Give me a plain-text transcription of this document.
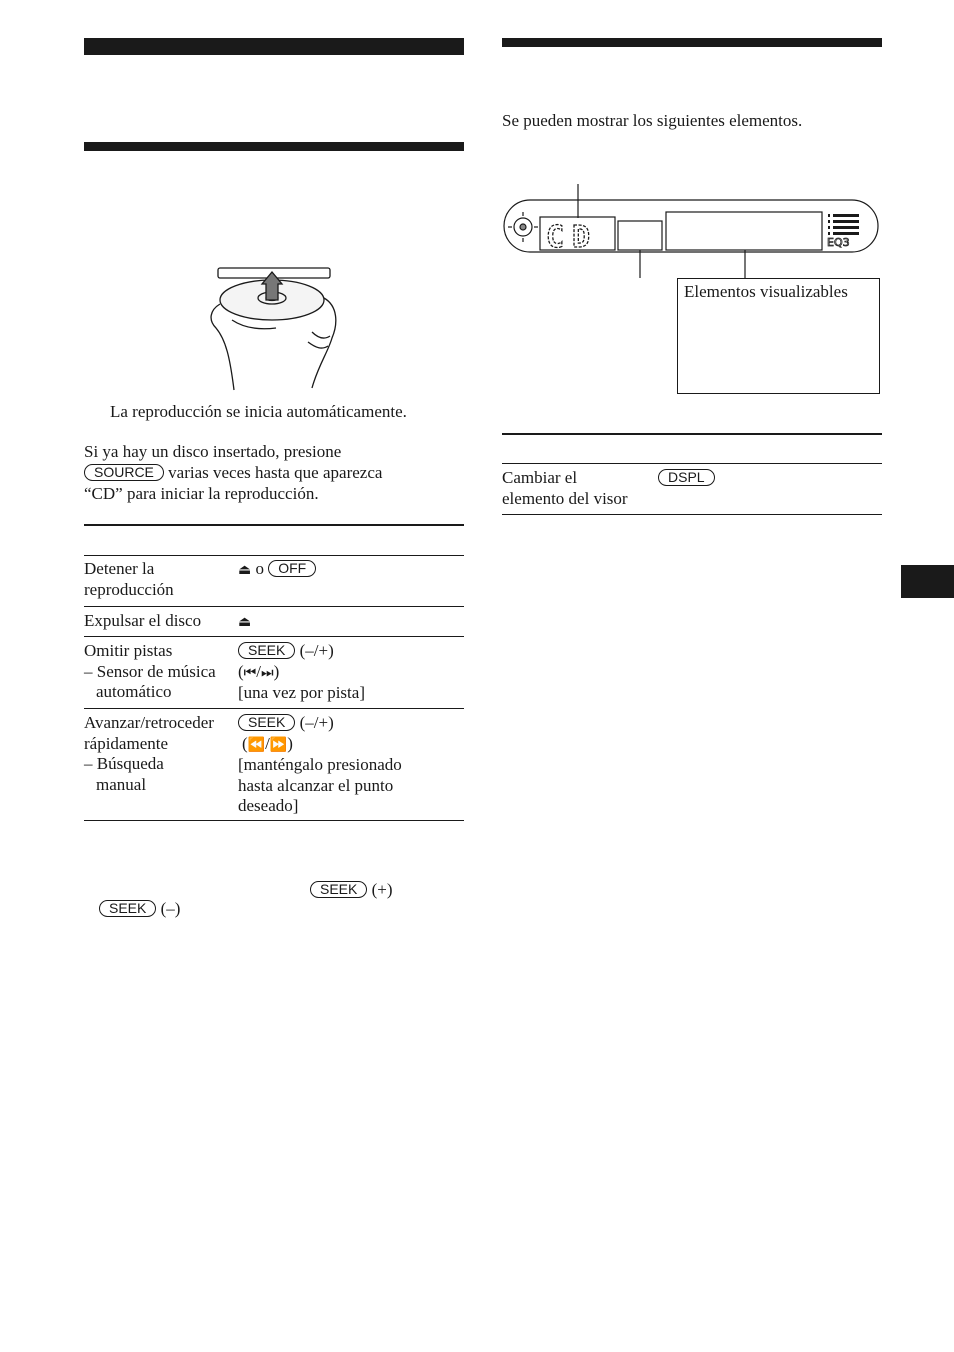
La reproducción se inicia automáticamente.
Si ya hay un disco insertado, presione
SOURCE varias veces hasta que aparezca
“CD” para iniciar la reproducción.
Detener la
reproducción
⏏ o OFF
Expulsar el disco	⏏
Omitir pistas
– Sensor de música
automático
SEEK (–/+)
(⏮/⏭)
[una vez por pista]
Avanzar/retroceder
rápidamente
– Búsqueda
manual
SEEK (–/+)
(⏪/⏩)
[manténgalo presionado
hasta alcanzar el punto
deseado]
SEEK (+)
SEEK (–)
Se pueden mostrar los siguientes elementos.
CD	EQ3
Elementos visualizables
Cambiar el
elemento del visor
DSPL
